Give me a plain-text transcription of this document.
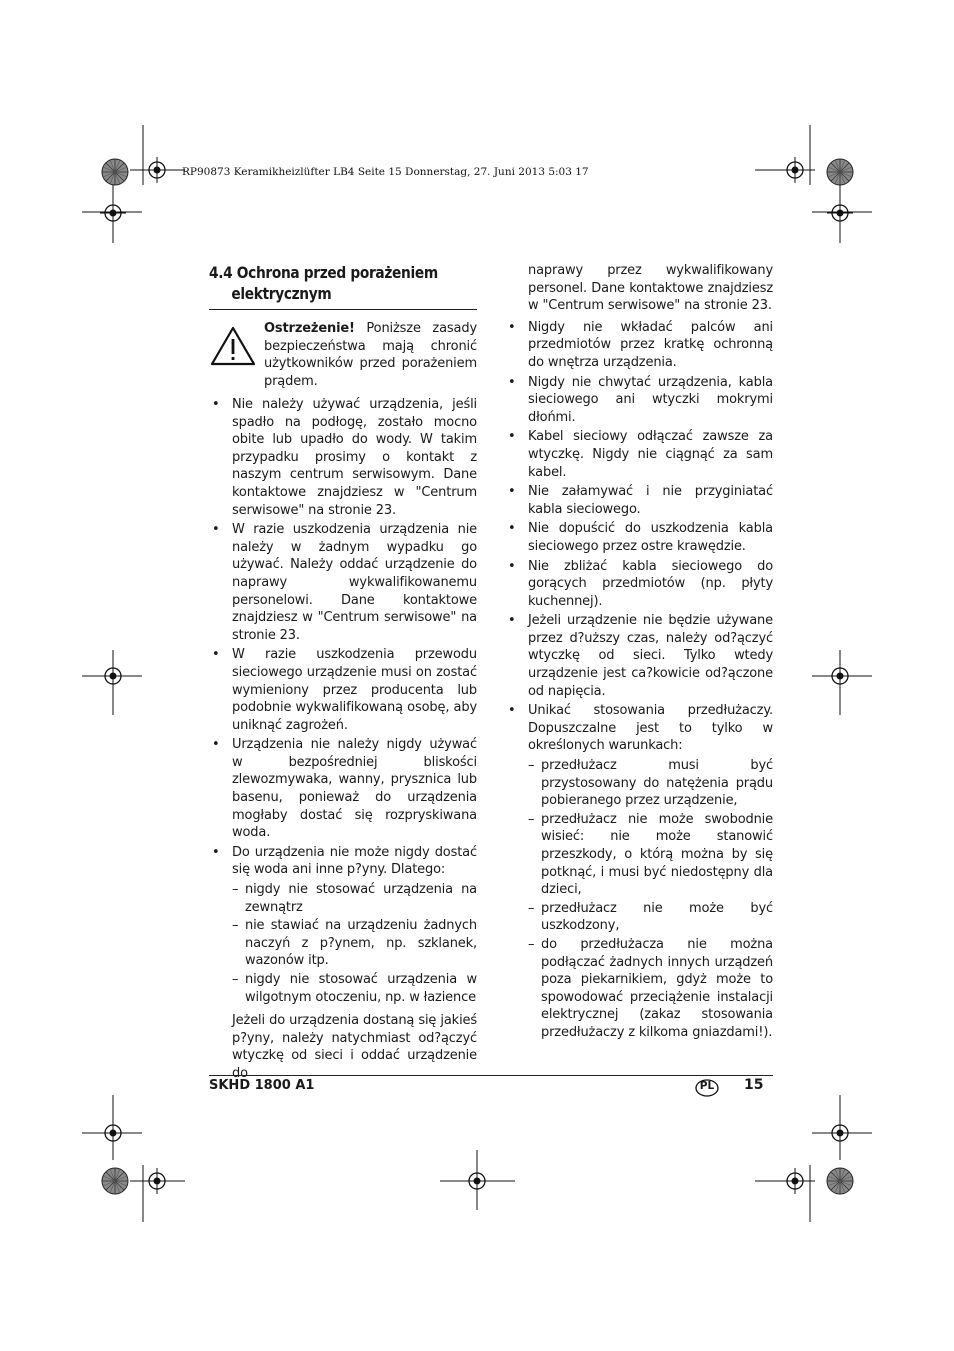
RP90873 Keramikheizlüfter LB4 Seite 15 Donnerstag, 27. Juni 2013 5:03 17
4.4 Ochrona przed porażeniem
elektrycznym
Ostrzeżenie! Poniższe zasady bezpieczeństwa mają chronić użytkowników przed porażeniem prądem.
• Nie należy używać urządzenia, jeśli spadło na podłogę, zostało mocno obite lub upadło do wody. W takim przypadku prosimy o kontakt z naszym centrum serwisowym. Dane kontaktowe znajdziesz w "Centrum serwisowe" na stronie 23.
• W razie uszkodzenia urządzenia nie należy w żadnym wypadku go używać. Należy oddać urządzenie do naprawy wykwalifikowanemu personelowi. Dane kontaktowe znajdziesz w "Centrum serwisowe" na stronie 23.
• W razie uszkodzenia przewodu sieciowego urządzenie musi on zostać wymieniony przez producenta lub podobnie wykwalifikowaną osobę, aby uniknąć zagrożeń.
• Urządzenia nie należy nigdy używać w bezpośredniej bliskości zlewozmywaka, wanny, prysznica lub basenu, ponieważ do urządzenia mogłaby dostać się rozpryskiwana woda.
• Do urządzenia nie może nigdy dostać się woda ani inne p?yny. Dlatego:
– nigdy nie stosować urządzenia na zewnątrz
– nie stawiać na urządzeniu żadnych naczyń z p?ynem, np. szklanek, wazonów itp.
– nigdy nie stosować urządzenia w wilgotnym otoczeniu, np. w łazience
Jeżeli do urządzenia dostaną się jakieś p?yny, należy natychmiast od?ączyć wtyczkę od sieci i oddać urządzenie do
naprawy przez wykwalifikowany personel. Dane kontaktowe znajdziesz w "Centrum serwisowe" na stronie 23.
• Nigdy nie wkładać palców ani przedmiotów przez kratkę ochronną do wnętrza urządzenia.
• Nigdy nie chwytać urządzenia, kabla sieciowego ani wtyczki mokrymi dłońmi.
• Kabel sieciowy odłączać zawsze za wtyczkę. Nigdy nie ciągnąć za sam kabel.
• Nie załamywać i nie przyginiatać kabla sieciowego.
• Nie dopuścić do uszkodzenia kabla sieciowego przez ostre krawędzie.
• Nie zbliżać kabla sieciowego do gorących przedmiotów (np. płyty kuchennej).
• Jeżeli urządzenie nie będzie używane przez d?uższy czas, należy od?ączyć wtyczkę od sieci. Tylko wtedy urządzenie jest ca?kowicie od?ączone od napięcia.
• Unikać stosowania przedłużaczy. Dopuszczalne jest to tylko w określonych warunkach:
– przedłużacz musi być przystosowany do natężenia prądu pobieranego przez urządzenie,
– przedłużacz nie może swobodnie wisieć: nie może stanowić przeszkody, o którą można by się potknąć, i musi być niedostępny dla dzieci,
– przedłużacz nie może być uszkodzony,
– do przedłużacza nie można podłączać żadnych innych urządzeń poza piekarnikiem, gdyż może to spowodować przeciążenie instalacji elektrycznej (zakaz stosowania przedłużaczy z kilkoma gniazdami!).
SKHD 1800 A1	PL	15
